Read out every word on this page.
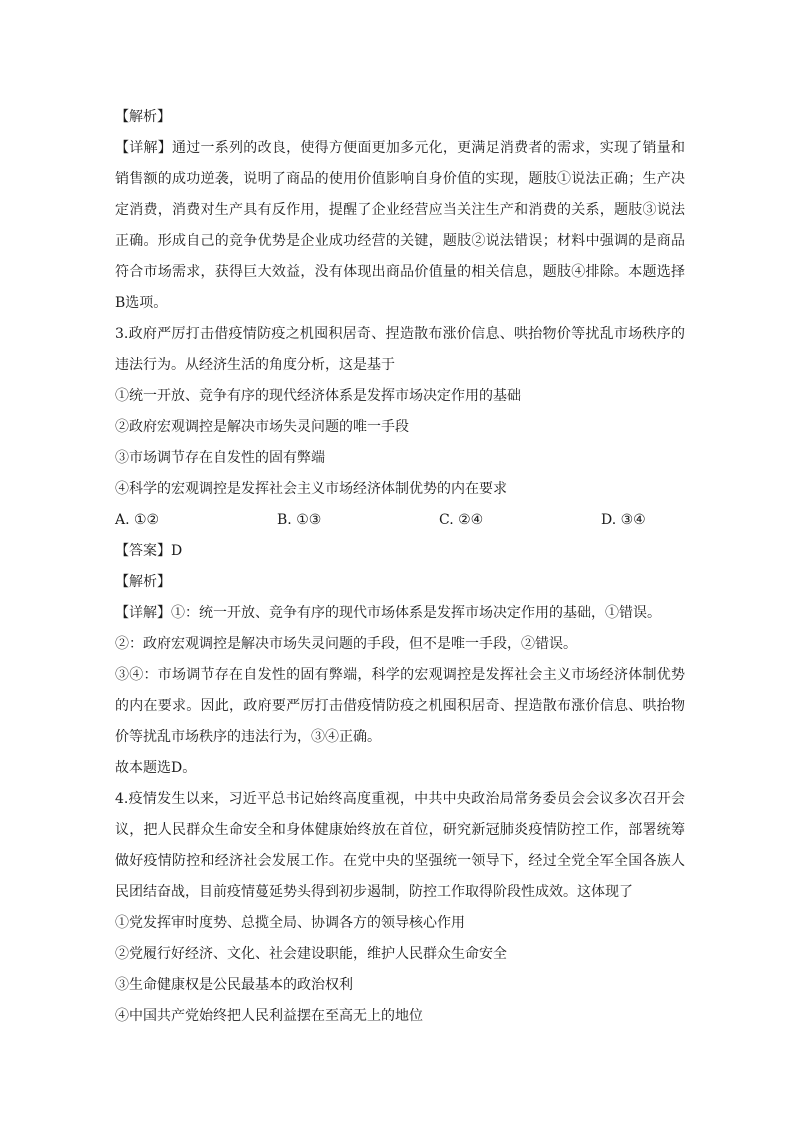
【解析】
【详解】通过一系列的改良，使得方便面更加多元化，更满足消费者的需求，实现了销量和销售额的成功逆袭，说明了商品的使用价值影响自身价值的实现，题肢①说法正确；生产决定消费，消费对生产具有反作用，提醒了企业经营应当关注生产和消费的关系，题肢③说法正确。形成自己的竞争优势是企业成功经营的关键，题肢②说法错误；材料中强调的是商品符合市场需求，获得巨大效益，没有体现出商品价值量的相关信息，题肢④排除。本题选择B选项。
3.政府严厉打击借疫情防疫之机囤积居奇、捏造散布涨价信息、哄抬物价等扰乱市场秩序的违法行为。从经济生活的角度分析，这是基于
①统一开放、竞争有序的现代经济体系是发挥市场决定作用的基础
②政府宏观调控是解决市场失灵问题的唯一手段
③市场调节存在自发性的固有弊端
④科学的宏观调控是发挥社会主义市场经济体制优势的内在要求
A. ①②	B. ①③	C. ②④	D. ③④
【答案】D
【解析】
【详解】①：统一开放、竞争有序的现代市场体系是发挥市场决定作用的基础，①错误。
②：政府宏观调控是解决市场失灵问题的手段，但不是唯一手段，②错误。
③④：市场调节存在自发性的固有弊端，科学的宏观调控是发挥社会主义市场经济体制优势的内在要求。因此，政府要严厉打击借疫情防疫之机囤积居奇、捏造散布涨价信息、哄抬物价等扰乱市场秩序的违法行为，③④正确。
故本题选D。
4.疫情发生以来，习近平总书记始终高度重视，中共中央政治局常务委员会会议多次召开会议，把人民群众生命安全和身体健康始终放在首位，研究新冠肺炎疫情防控工作，部署统筹做好疫情防控和经济社会发展工作。在党中央的坚强统一领导下，经过全党全军全国各族人民团结奋战，目前疫情蔓延势头得到初步遏制，防控工作取得阶段性成效。这体现了
①党发挥审时度势、总揽全局、协调各方的领导核心作用
②党履行好经济、文化、社会建设职能，维护人民群众生命安全
③生命健康权是公民最基本的政治权利
④中国共产党始终把人民利益摆在至高无上的地位
